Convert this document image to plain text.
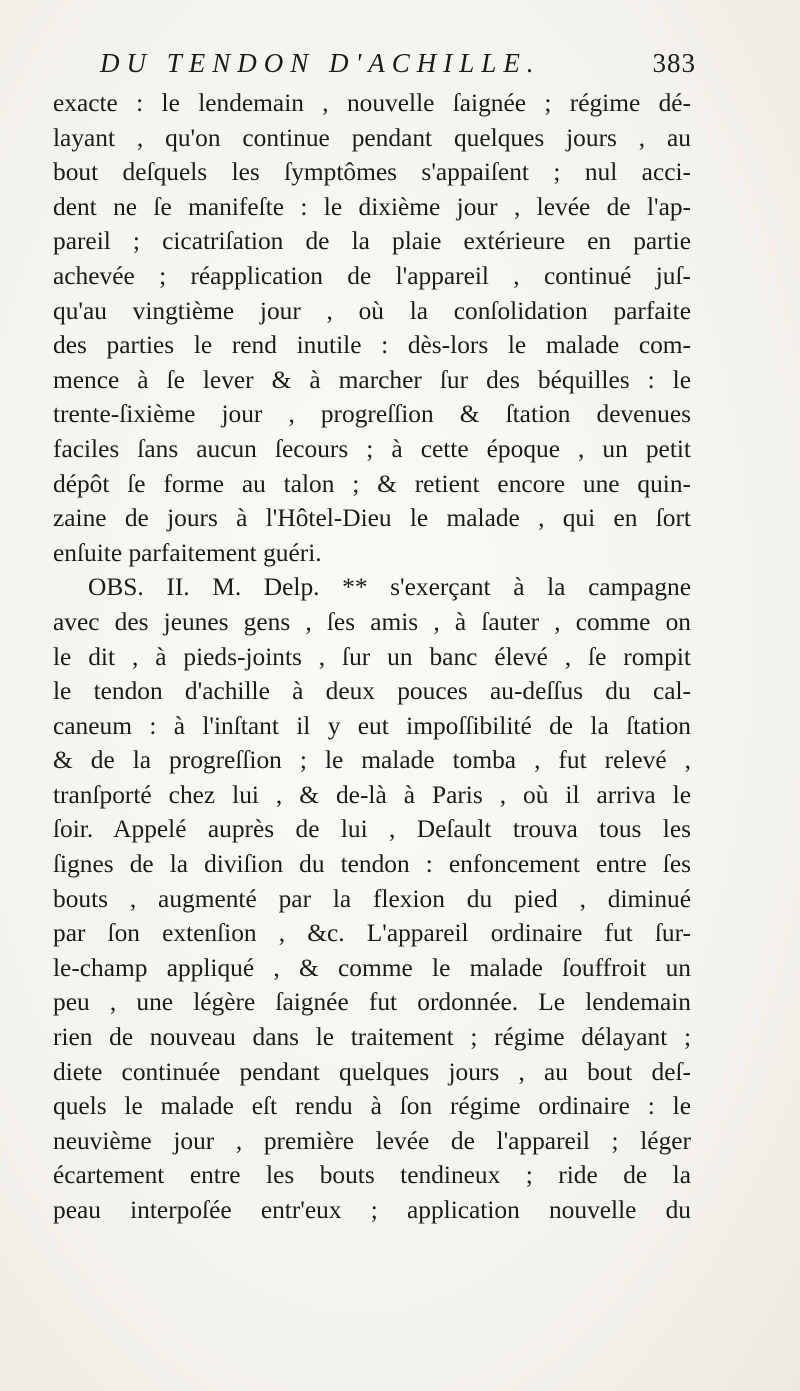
DU TENDON D'ACHILLE.	383
exacte : le lendemain , nouvelle ſaignée ; régime dé-
layant , qu'on continue pendant quelques jours , au
bout deſquels les ſymptômes s'appaiſent ; nul acci-
dent ne ſe manifeſte : le dixième jour , levée de l'ap-
pareil ; cicatriſation de la plaie extérieure en partie
achevée ; réapplication de l'appareil , continué juſ-
qu'au vingtième jour , où la conſolidation parfaite
des parties le rend inutile : dès-lors le malade com-
mence à ſe lever & à marcher ſur des béquilles : le
trente-ſixième jour , progreſſion & ſtation devenues
faciles ſans aucun ſecours ; à cette époque , un petit
dépôt ſe forme au talon ; & retient encore une quin-
zaine de jours à l'Hôtel-Dieu le malade , qui en ſort
enſuite parfaitement guéri.
OBS. II. M. Delp. ** s'exerçant à la campagne
avec des jeunes gens , ſes amis , à ſauter , comme on
le dit , à pieds-joints , ſur un banc élevé , ſe rompit
le tendon d'achille à deux pouces au-deſſus du cal-
caneum : à l'inſtant il y eut impoſſibilité de la ſtation
& de la progreſſion ; le malade tomba , fut relevé ,
tranſporté chez lui , & de-là à Paris , où il arriva le
ſoir. Appelé auprès de lui , Deſault trouva tous les
ſignes de la diviſion du tendon : enfoncement entre ſes
bouts , augmenté par la flexion du pied , diminué
par ſon extenſion , &c. L'appareil ordinaire fut ſur-
le-champ appliqué , & comme le malade ſouffroit un
peu , une légère ſaignée fut ordonnée. Le lendemain
rien de nouveau dans le traitement ; régime délayant ;
diete continuée pendant quelques jours , au bout deſ-
quels le malade eſt rendu à ſon régime ordinaire : le
neuvième jour , première levée de l'appareil ; léger
écartement entre les bouts tendineux ; ride de la
peau interpoſée entr'eux ; application nouvelle du
